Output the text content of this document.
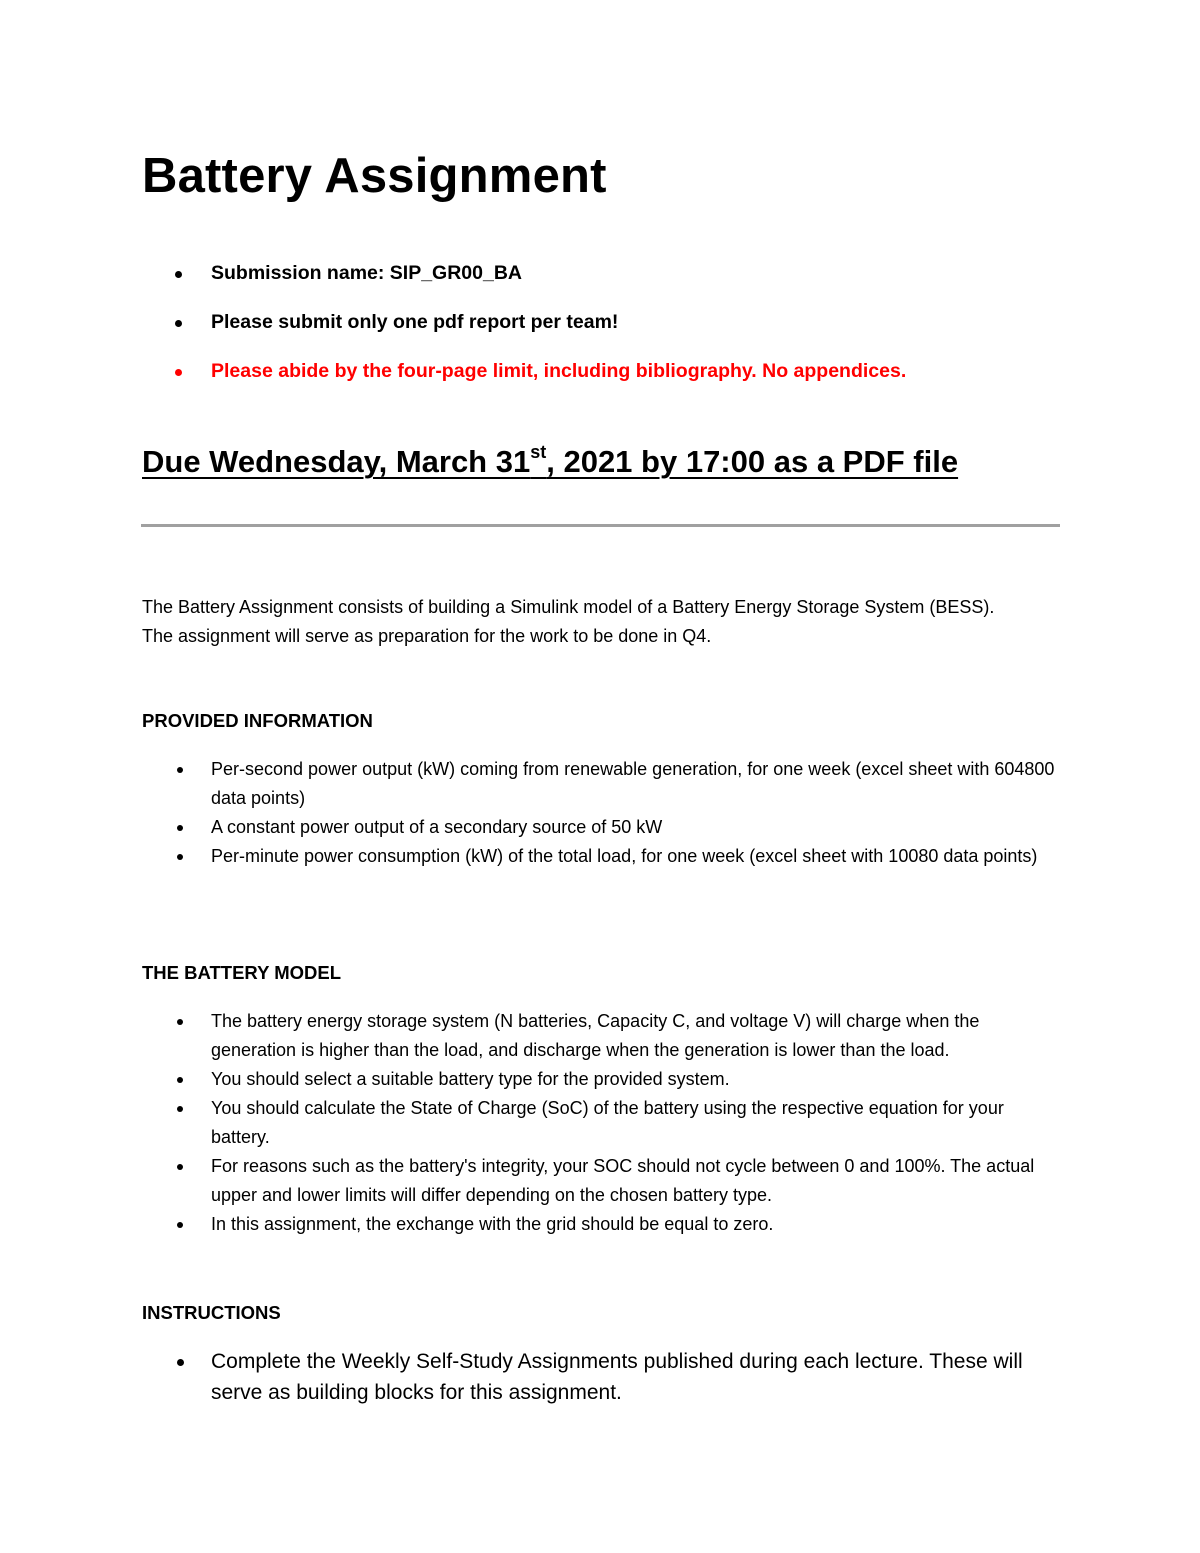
Battery Assignment
Submission name: SIP_GR00_BA
Please submit only one pdf report per team!
Please abide by the four-page limit, including bibliography. No appendices.
Due Wednesday, March 31st, 2021 by 17:00 as a PDF file
The Battery Assignment consists of building a Simulink model of a Battery Energy Storage System (BESS).
The assignment will serve as preparation for the work to be done in Q4.
PROVIDED INFORMATION
Per-second power output (kW) coming from renewable generation, for one week (excel sheet with 604800 data points)
A constant power output of a secondary source of 50 kW
Per-minute power consumption (kW) of the total load, for one week (excel sheet with 10080 data points)
THE BATTERY MODEL
The battery energy storage system (N batteries, Capacity C, and voltage V) will charge when the generation is higher than the load, and discharge when the generation is lower than the load.
You should select a suitable battery type for the provided system.
You should calculate the State of Charge (SoC) of the battery using the respective equation for your battery.
For reasons such as the battery's integrity, your SOC should not cycle between 0 and 100%. The actual upper and lower limits will differ depending on the chosen battery type.
In this assignment, the exchange with the grid should be equal to zero.
INSTRUCTIONS
Complete the Weekly Self-Study Assignments published during each lecture. These will serve as building blocks for this assignment.
